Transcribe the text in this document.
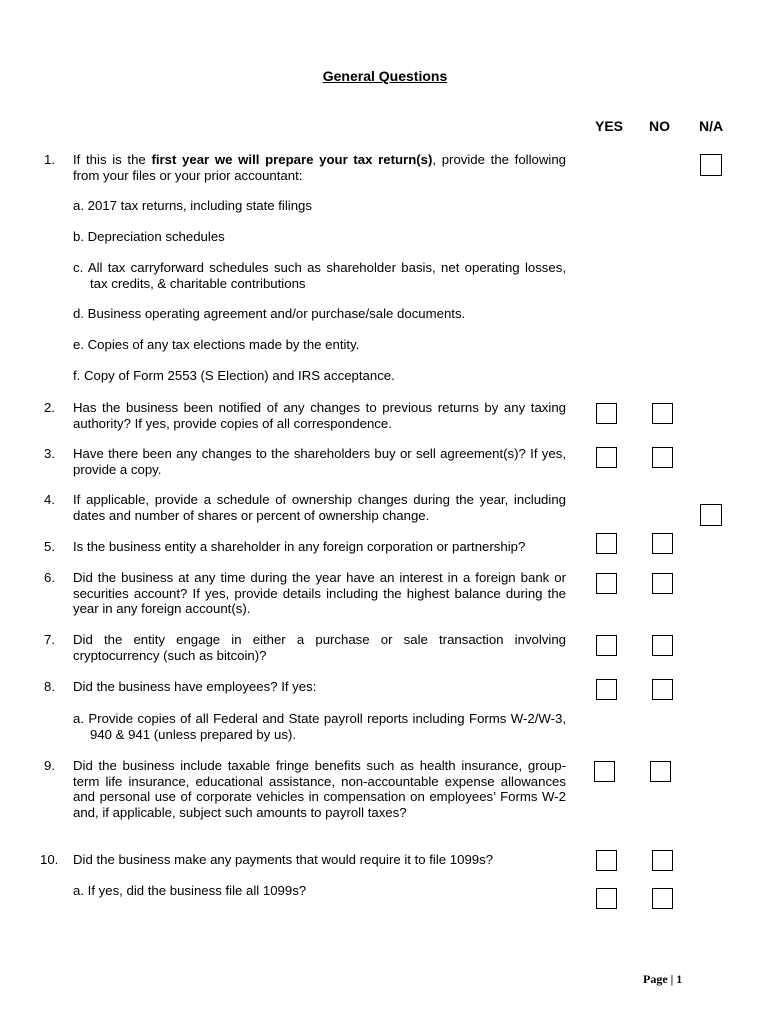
General Questions
YES NO N/A
1. If this is the first year we will prepare your tax return(s), provide the following from your files or your prior accountant:
a. 2017 tax returns, including state filings
b. Depreciation schedules
c. All tax carryforward schedules such as shareholder basis, net operating losses, tax credits, & charitable contributions
d. Business operating agreement and/or purchase/sale documents.
e. Copies of any tax elections made by the entity.
f. Copy of Form 2553 (S Election) and IRS acceptance.
2. Has the business been notified of any changes to previous returns by any taxing authority? If yes, provide copies of all correspondence.
3. Have there been any changes to the shareholders buy or sell agreement(s)? If yes, provide a copy.
4. If applicable, provide a schedule of ownership changes during the year, including dates and number of shares or percent of ownership change.
5. Is the business entity a shareholder in any foreign corporation or partnership?
6. Did the business at any time during the year have an interest in a foreign bank or securities account? If yes, provide details including the highest balance during the year in any foreign account(s).
7. Did the entity engage in either a purchase or sale transaction involving cryptocurrency (such as bitcoin)?
8. Did the business have employees? If yes:
a. Provide copies of all Federal and State payroll reports including Forms W-2/W-3, 940 & 941 (unless prepared by us).
9. Did the business include taxable fringe benefits such as health insurance, group-term life insurance, educational assistance, non-accountable expense allowances and personal use of corporate vehicles in compensation on employees’ Forms W-2 and, if applicable, subject such amounts to payroll taxes?
10. Did the business make any payments that would require it to file 1099s?
a. If yes, did the business file all 1099s?
Page | 1
